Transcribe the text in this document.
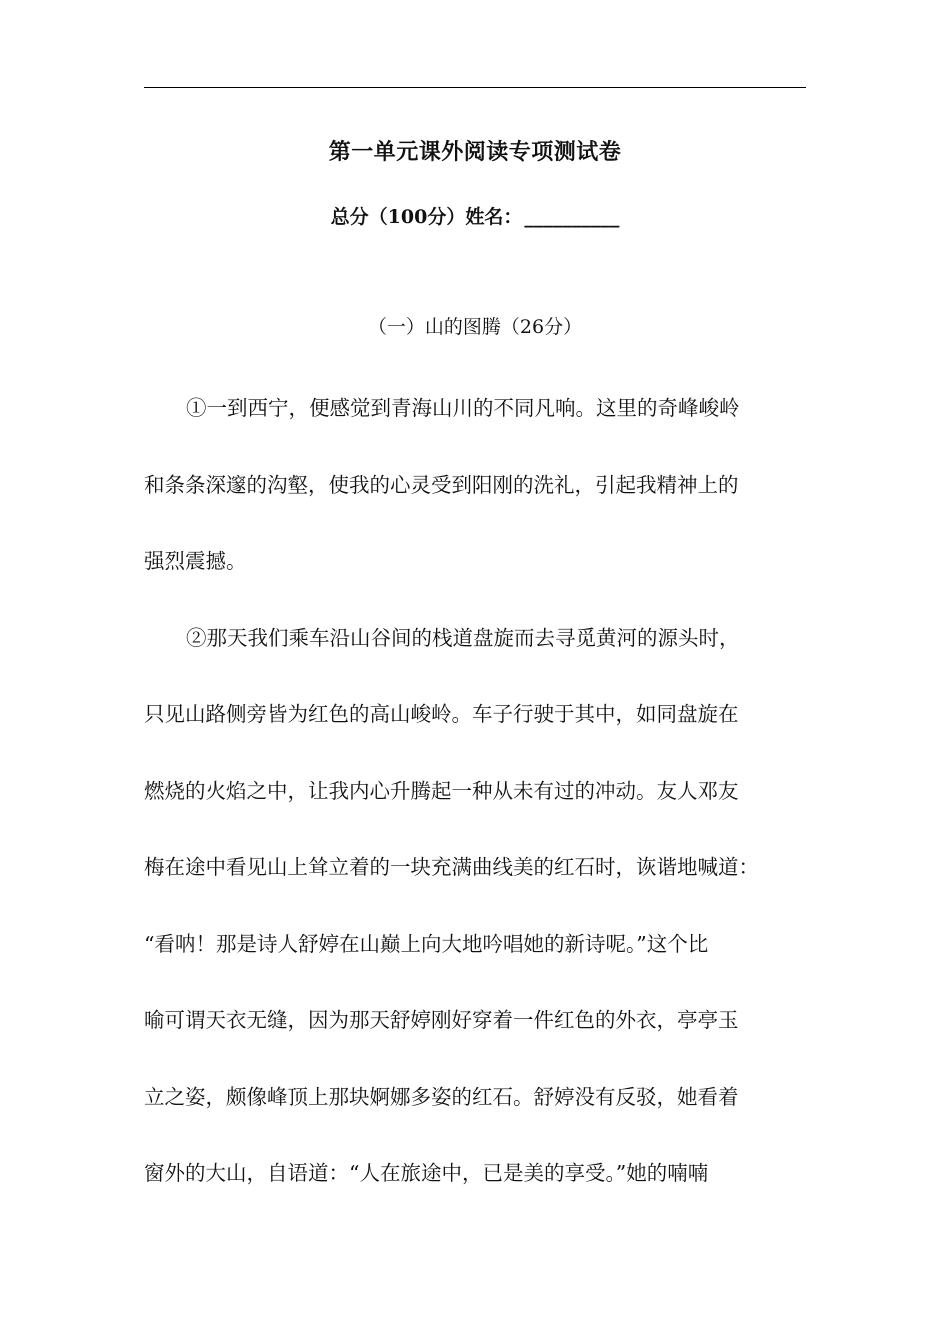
第一单元课外阅读专项测试卷
总分（100分）姓名： __________
（一）山的图腾（26分）
①一到西宁，便感觉到青海山川的不同凡响。这里的奇峰峻岭
和条条深邃的沟壑，使我的心灵受到阳刚的洗礼，引起我精神上的
强烈震撼。
②那天我们乘车沿山谷间的栈道盘旋而去寻觅黄河的源头时，
只见山路侧旁皆为红色的高山峻岭。车子行驶于其中，如同盘旋在
燃烧的火焰之中，让我内心升腾起一种从未有过的冲动。友人邓友
梅在途中看见山上耸立着的一块充满曲线美的红石时，诙谐地喊道：
“看呐！那是诗人舒婷在山巅上向大地吟唱她的新诗呢。”这个比
喻可谓天衣无缝，因为那天舒婷刚好穿着一件红色的外衣，亭亭玉
立之姿，颇像峰顶上那块婀娜多姿的红石。舒婷没有反驳，她看着
窗外的大山，自语道：“人在旅途中，已是美的享受。”她的喃喃
